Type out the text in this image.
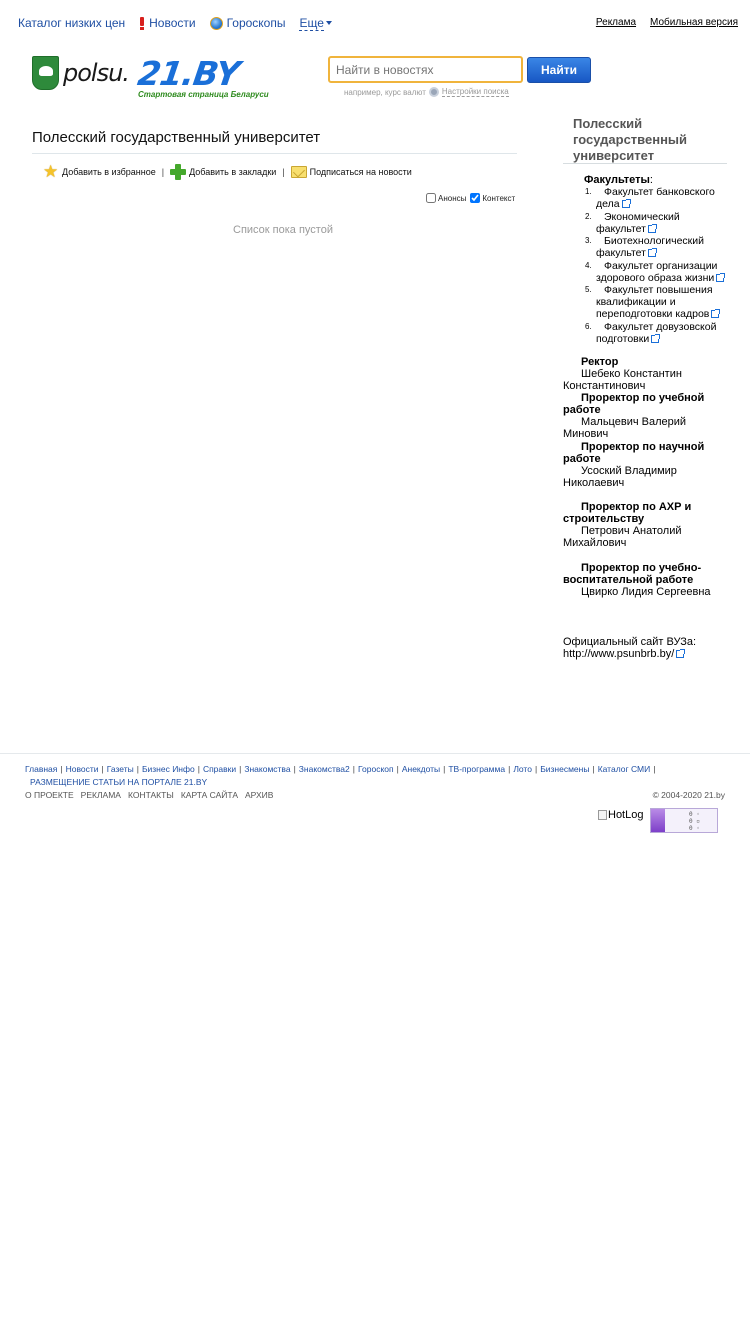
Каталог низких цен Новости	Гороскопы Еще	Реклама Мобильная версия
polsu. 21.BY
Стартовая страница Беларуси
Найти в новостях
Найти
например, курс валют Настройки поиска
Полесский государственный университет
★ Добавить в избранное |	Добавить в закладки |	Подписаться на новости
Анонсы Контекст
Список пока пустой
Полесский государственный университет
Факультеты:
1.	Факультет банковского дела
2.	Экономический факультет
3.	Биотехнологический факультет
4.	Факультет организации здорового образа жизни
5.	Факультет повышения квалификации и переподготовки кадров
6.	Факультет довузовской подготовки
Ректор
Шебеко Константин Константинович
Проректор по учебной работе
Мальцевич Валерий Минович
Проректор по научной работе
Усоский Владимир Николаевич
Проректор по АХР и строительству
Петрович Анатолий Михайлович
Проректор по учебно-воспитательной работе
Цвирко Лидия Сергеевна
Официальный сайт ВУЗа:
http://www.psunbrb.by/
Главная | Новости | Газеты | Бизнес Инфо | Справки | Знакомства | Знакомства2 | Гороскоп | Анекдоты | ТВ-программа | Лото | Бизнесмены | Каталог СМИ |
РАЗМЕЩЕНИЕ СТАТЬИ НА ПОРТАЛЕ 21.BY
О ПРОЕКТЕ РЕКЛАМА КОНТАКТЫ КАРТА САЙТА АРХИВ	© 2004-2020 21.by
HotLog	0 ◦
0 ▫
0 ◦
